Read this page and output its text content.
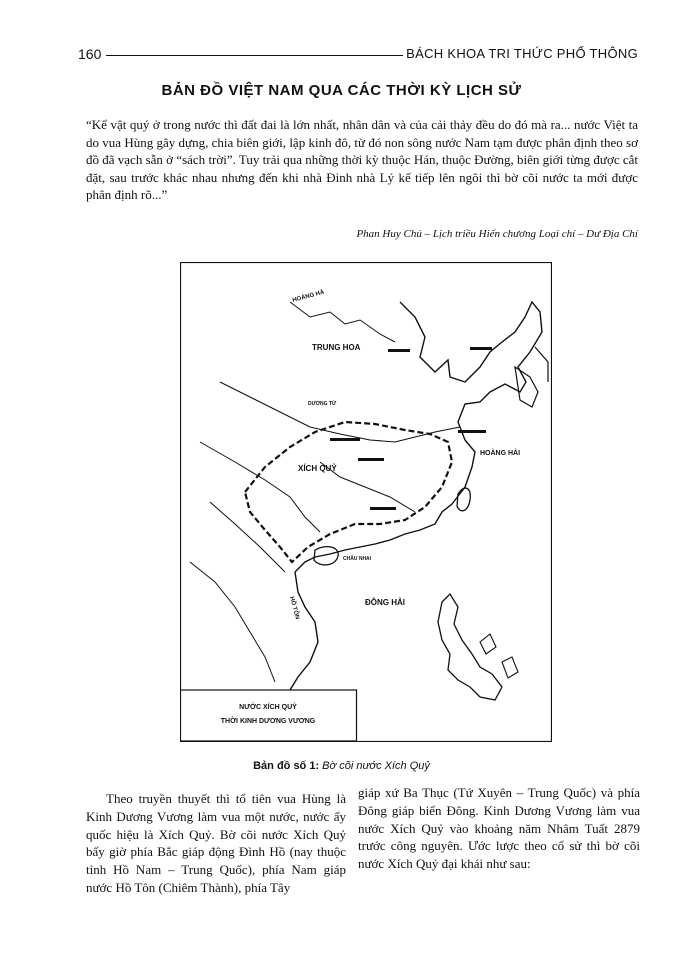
160	BÁCH KHOA TRI THỨC PHỔ THÔNG
BẢN ĐỒ VIỆT NAM QUA CÁC THỜI KỲ LỊCH SỬ
“Kể vật quý ở trong nước thì đất đai là lớn nhất, nhân dân và của cải thảy đều do đó mà ra... nước Việt ta do vua Hùng gây dựng, chia biên giới, lập kinh đô, từ đó non sông nước Nam tạm được phân định theo sơ đồ đã vạch sẵn ở “sách trời”. Tuy trải qua những thời kỳ thuộc Hán, thuộc Đường, biên giới từng được cắt đặt, sau trước khác nhau nhưng đến khi nhà Đinh nhà Lý kế tiếp lên ngôi thì bờ cõi nước ta mới được phân định rõ...”
Phan Huy Chú – Lịch triều Hiến chương Loại chí – Dư Địa Chí
HOÀNG HÀ
TRUNG HOA
DƯƠNG TỬ
XÍCH QUỶ
HOÀNG HẢI
CHÂU NHAI
HỒ TÔN	ĐÔNG HẢI
NƯỚC XÍCH QUỶ
THỜI KINH DƯƠNG VƯƠNG
Bản đồ số 1: Bờ cõi nước Xích Quỷ
Theo truyền thuyết thì tổ tiên vua Hùng là Kinh Dương Vương làm vua một nước, nước ấy quốc hiệu là Xích Quỷ. Bờ cõi nước Xích Quỷ bấy giờ phía Bắc giáp động Đình Hồ (nay thuộc tỉnh Hồ Nam – Trung Quốc), phía Nam giáp nước Hồ Tôn (Chiêm Thành), phía Tây
giáp xứ Ba Thục (Tứ Xuyên – Trung Quốc) và phía Đông giáp biển Đông. Kinh Dương Vương làm vua nước Xích Quỷ vào khoảng năm Nhâm Tuất 2879 trước công nguyên. Ước lược theo cổ sử thì bờ cõi nước Xích Quỷ đại khái như sau:
